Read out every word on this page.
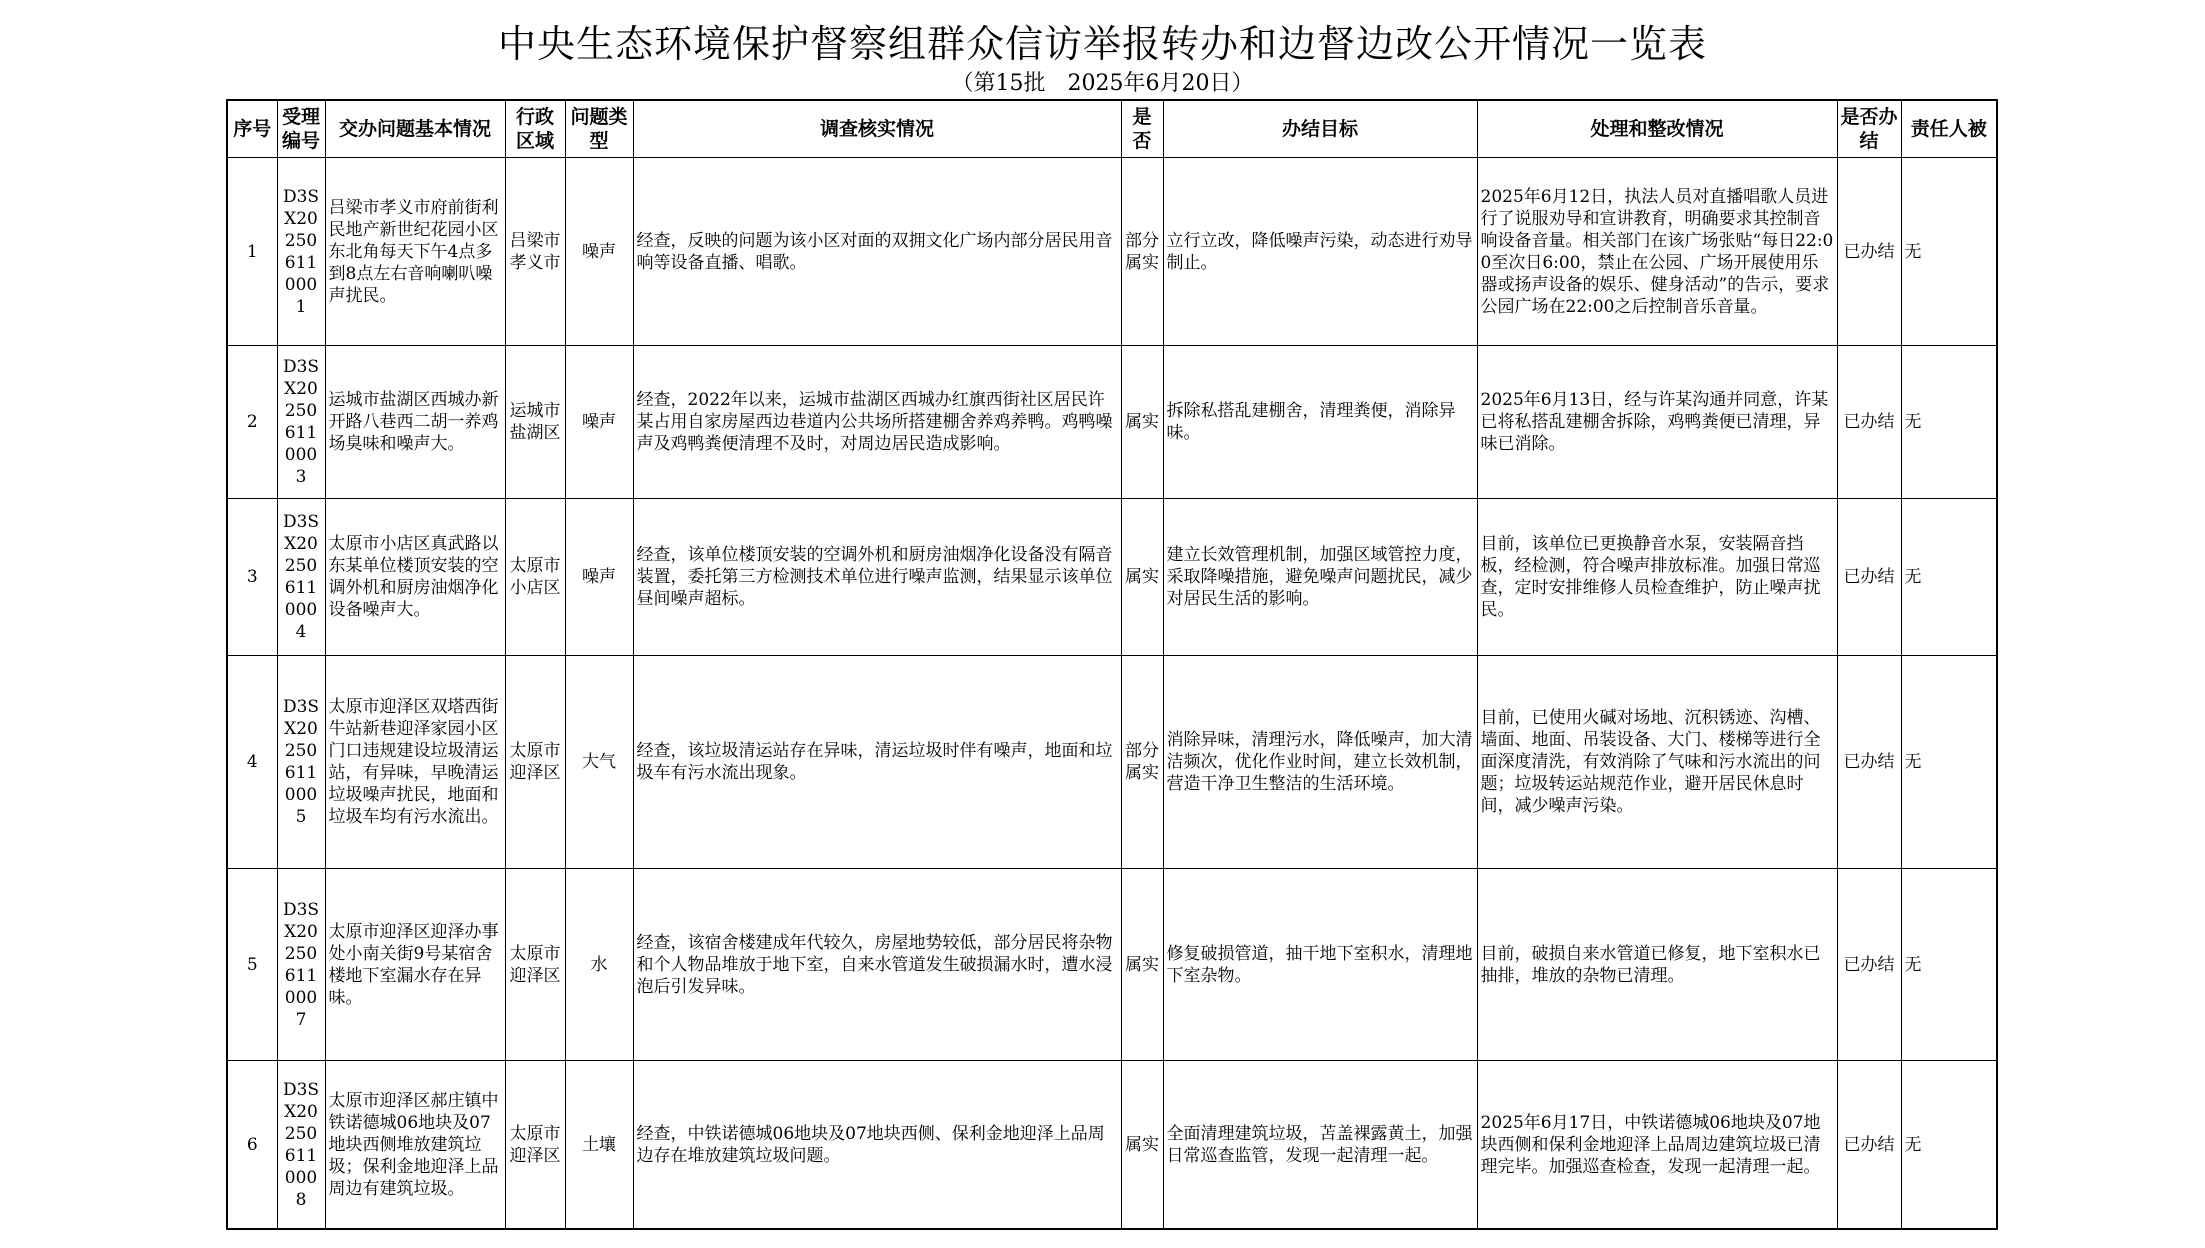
中央生态环境保护督察组群众信访举报转办和边督边改公开情况一览表
（第15批　2025年6月20日）
序号	受理编号	交办问题基本情况	行政区域	问题类型	调查核实情况	是否	办结目标	处理和整改情况	是否办结	责任人被
1	D3SX202506110001	吕梁市孝义市府前街利民地产新世纪花园小区东北角每天下午4点多到8点左右音响喇叭噪声扰民。	吕梁市孝义市	噪声	经查，反映的问题为该小区对面的双拥文化广场内部分居民用音响等设备直播、唱歌。	部分属实	立行立改，降低噪声污染，动态进行劝导制止。	2025年6月12日，执法人员对直播唱歌人员进行了说服劝导和宣讲教育，明确要求其控制音响设备音量。相关部门在该广场张贴“每日22:00至次日6:00，禁止在公园、广场开展使用乐器或扬声设备的娱乐、健身活动”的告示，要求公园广场在22:00之后控制音乐音量。	已办结	无
2	D3SX202506110003	运城市盐湖区西城办新开路八巷西二胡一养鸡场臭味和噪声大。	运城市盐湖区	噪声	经查，2022年以来，运城市盐湖区西城办红旗西街社区居民许某占用自家房屋西边巷道内公共场所搭建棚舍养鸡养鸭。鸡鸭噪声及鸡鸭粪便清理不及时，对周边居民造成影响。	属实	拆除私搭乱建棚舍，清理粪便，消除异味。	2025年6月13日，经与许某沟通并同意，许某已将私搭乱建棚舍拆除，鸡鸭粪便已清理，异味已消除。	已办结	无
3	D3SX202506110004	太原市小店区真武路以东某单位楼顶安装的空调外机和厨房油烟净化设备噪声大。	太原市小店区	噪声	经查，该单位楼顶安装的空调外机和厨房油烟净化设备没有隔音装置，委托第三方检测技术单位进行噪声监测，结果显示该单位昼间噪声超标。	属实	建立长效管理机制，加强区域管控力度，采取降噪措施，避免噪声问题扰民，减少对居民生活的影响。	目前，该单位已更换静音水泵，安装隔音挡板，经检测，符合噪声排放标准。加强日常巡查，定时安排维修人员检查维护，防止噪声扰民。	已办结	无
4	D3SX202506110005	太原市迎泽区双塔西街牛站新巷迎泽家园小区门口违规建设垃圾清运站，有异味，早晚清运垃圾噪声扰民，地面和垃圾车均有污水流出。	太原市迎泽区	大气	经查，该垃圾清运站存在异味，清运垃圾时伴有噪声，地面和垃圾车有污水流出现象。	部分属实	消除异味，清理污水，降低噪声，加大清洁频次，优化作业时间，建立长效机制，营造干净卫生整洁的生活环境。	目前，已使用火碱对场地、沉积锈迹、沟槽、墙面、地面、吊装设备、大门、楼梯等进行全面深度清洗，有效消除了气味和污水流出的问题；垃圾转运站规范作业，避开居民休息时间，减少噪声污染。	已办结	无
5	D3SX202506110007	太原市迎泽区迎泽办事处小南关街9号某宿舍楼地下室漏水存在异味。	太原市迎泽区	水	经查，该宿舍楼建成年代较久，房屋地势较低，部分居民将杂物和个人物品堆放于地下室，自来水管道发生破损漏水时，遭水浸泡后引发异味。	属实	修复破损管道，抽干地下室积水，清理地下室杂物。	目前，破损自来水管道已修复，地下室积水已抽排，堆放的杂物已清理。	已办结	无
6	D3SX202506110008	太原市迎泽区郝庄镇中铁诺德城06地块及07地块西侧堆放建筑垃圾；保利金地迎泽上品周边有建筑垃圾。	太原市迎泽区	土壤	经查，中铁诺德城06地块及07地块西侧、保利金地迎泽上品周边存在堆放建筑垃圾问题。	属实	全面清理建筑垃圾，苫盖裸露黄土，加强日常巡查监管，发现一起清理一起。	2025年6月17日，中铁诺德城06地块及07地块西侧和保利金地迎泽上品周边建筑垃圾已清理完毕。加强巡查检查，发现一起清理一起。	已办结	无
